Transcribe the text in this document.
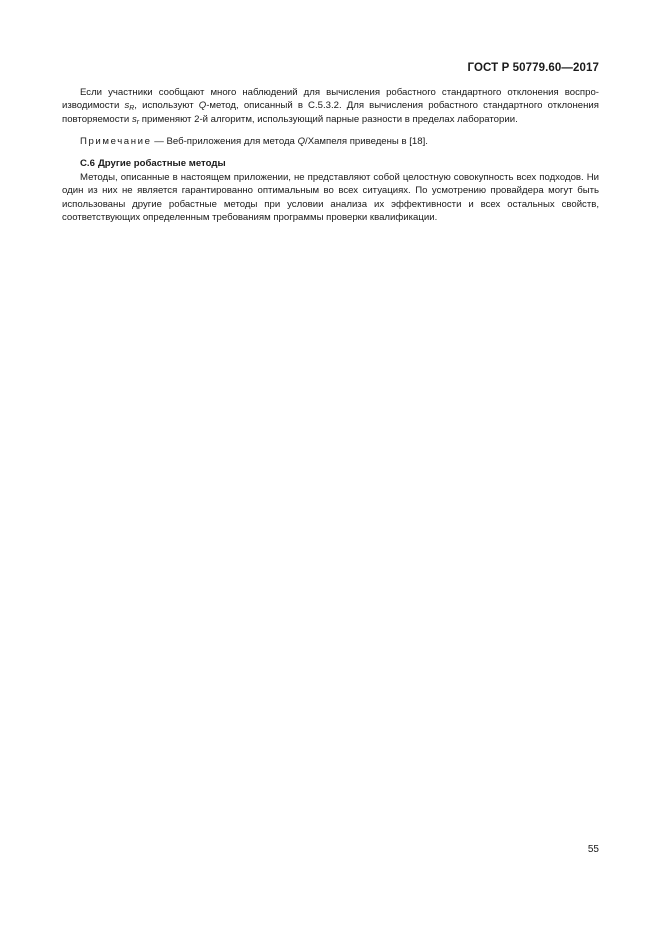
ГОСТ Р 50779.60—2017

Если участники сообщают много наблюдений для вычисления робастного стандартного отклонения воспроизводимости $s_R$, используют Q-метод, описанный в С.5.3.2. Для вычисления робастного стандартного отклонения повторяемости $s_r$ применяют 2-й алгоритм, использующий парные разности в пределах лаборатории.

Примечание — Веб-приложения для метода Q/Хампеля приведены в [18].

С.6 Другие робастные методы

Методы, описанные в настоящем приложении, не представляют собой целостную совокупность всех подходов. Ни один из них не является гарантированно оптимальным во всех ситуациях. По усмотрению провайдера могут быть использованы другие робастные методы при условии анализа их эффективности и всех остальных свойств, соответствующих определенным требованиям программы проверки квалификации.

55
